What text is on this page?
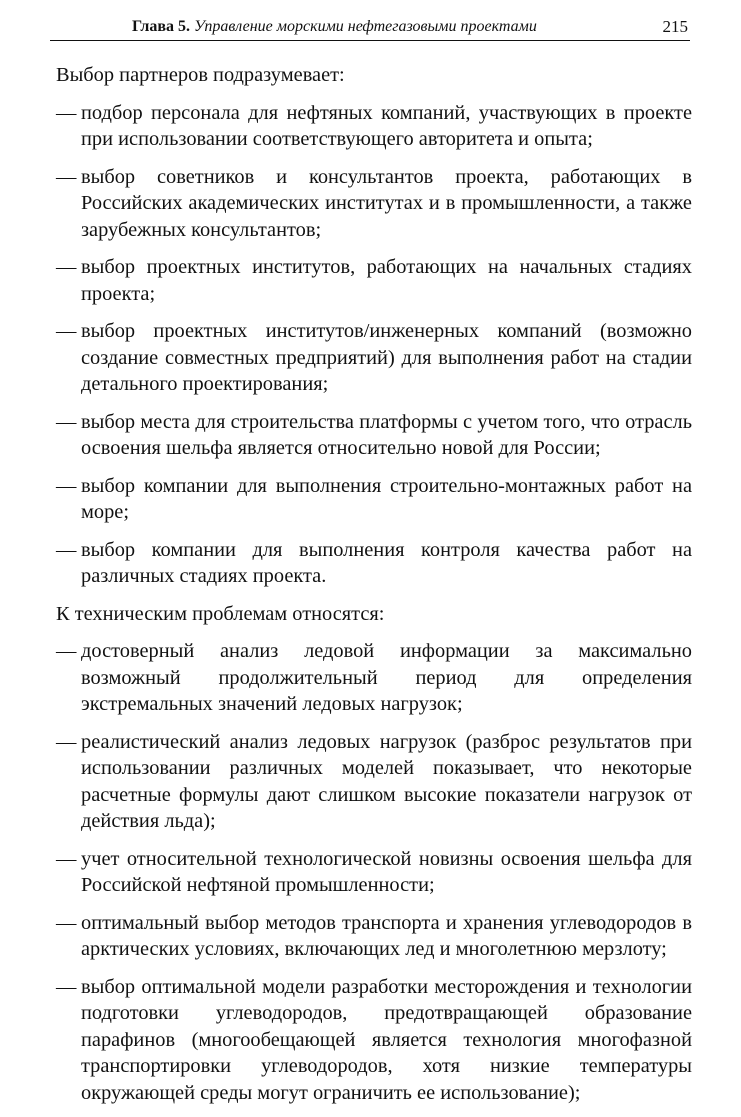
Глава 5. Управление морскими нефтегазовыми проектами	215

Выбор партнеров подразумевает:

— подбор персонала для нефтяных компаний, участвующих в проекте при использовании соответствующего авторитета и опыта;
— выбор советников и консультантов проекта, работающих в Российских академических институтах и в промышленности, а также зарубежных консультантов;
— выбор проектных институтов, работающих на начальных стадиях проекта;
— выбор проектных институтов/инженерных компаний (возможно создание совместных предприятий) для выполнения работ на стадии детального проектирования;
— выбор места для строительства платформы с учетом того, что отрасль освоения шельфа является относительно новой для России;
— выбор компании для выполнения строительно-монтажных работ на море;
— выбор компании для выполнения контроля качества работ на различных стадиях проекта.

К техническим проблемам относятся:

— достоверный анализ ледовой информации за максимально возможный продолжительный период для определения экстремальных значений ледовых нагрузок;
— реалистический анализ ледовых нагрузок (разброс результатов при использовании различных моделей показывает, что некоторые расчетные формулы дают слишком высокие показатели нагрузок от действия льда);
— учет относительной технологической новизны освоения шельфа для Российской нефтяной промышленности;
— оптимальный выбор методов транспорта и хранения углеводородов в арктических условиях, включающих лед и многолетнюю мерзлоту;
— выбор оптимальной модели разработки месторождения и технологии подготовки углеводородов, предотвращающей образование парафинов (многообещающей является технология многофазной транспортировки углеводородов, хотя низкие температуры окружающей среды могут ограничить ее использование);
